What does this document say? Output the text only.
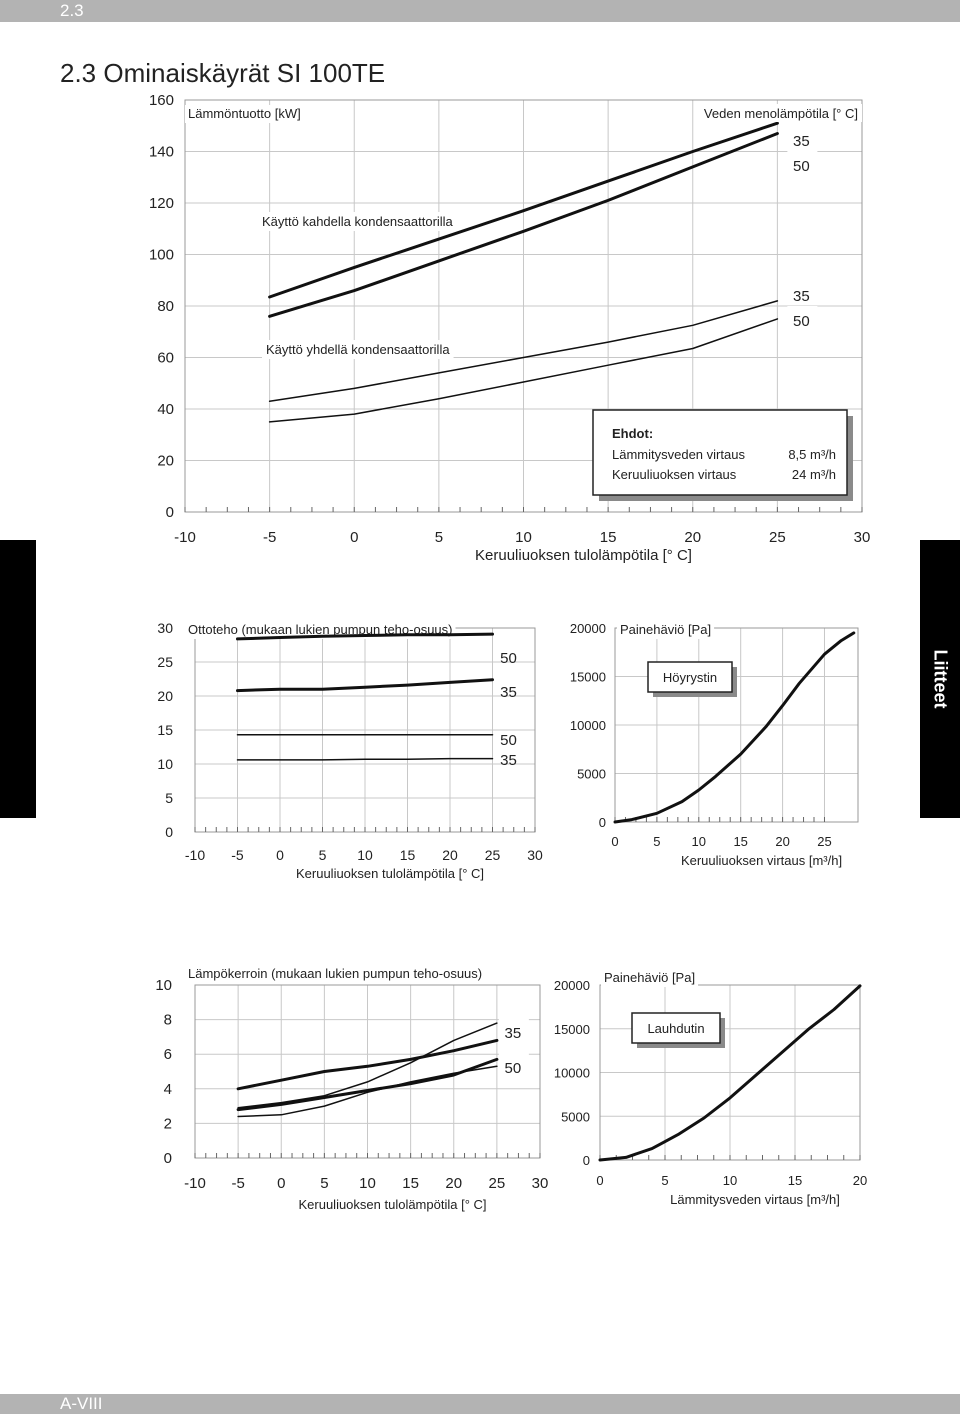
2.3
2.3 Ominaiskäyrät SI 100TE
Liitteet
0
20
40
60
80
100
120
140
160
-10	-5	0	5	10	15	20	25	30
Lämmöntuotto [kW]
Keruuliuoksen tulolämpötila [° C]
35
50
35
50
Käyttö kahdella kondensaattorilla
Käyttö yhdellä kondensaattorilla
Veden menolämpötila [° C]
Ehdot:
Lämmitysveden virtaus	8,5 m³/h
Keruuliuoksen virtaus	24 m³/h
0
5
10
15
20
25
30
-10 -5 0 5 10 15 20 25 30
Ottoteho (mukaan lukien pumpun teho-osuus)
Keruuliuoksen tulolämpötila [° C]
50
35
50
35
0
5000
10000
15000
20000
0	5 10 15 20 25
Painehäviö [Pa]
Keruuliuoksen virtaus [m³/h]
Höyrystin
0
2
4
6
8
10
-10 -5 0 5 10 15 20 25 30
Lämpökerroin (mukaan lukien pumpun teho-osuus)
Keruuliuoksen tulolämpötila [° C]
35
50
0
5000
10000
15000
20000
0	5	10	15	20
Painehäviö [Pa]
Lämmitysveden virtaus [m³/h]
Lauhdutin
A-VIII
